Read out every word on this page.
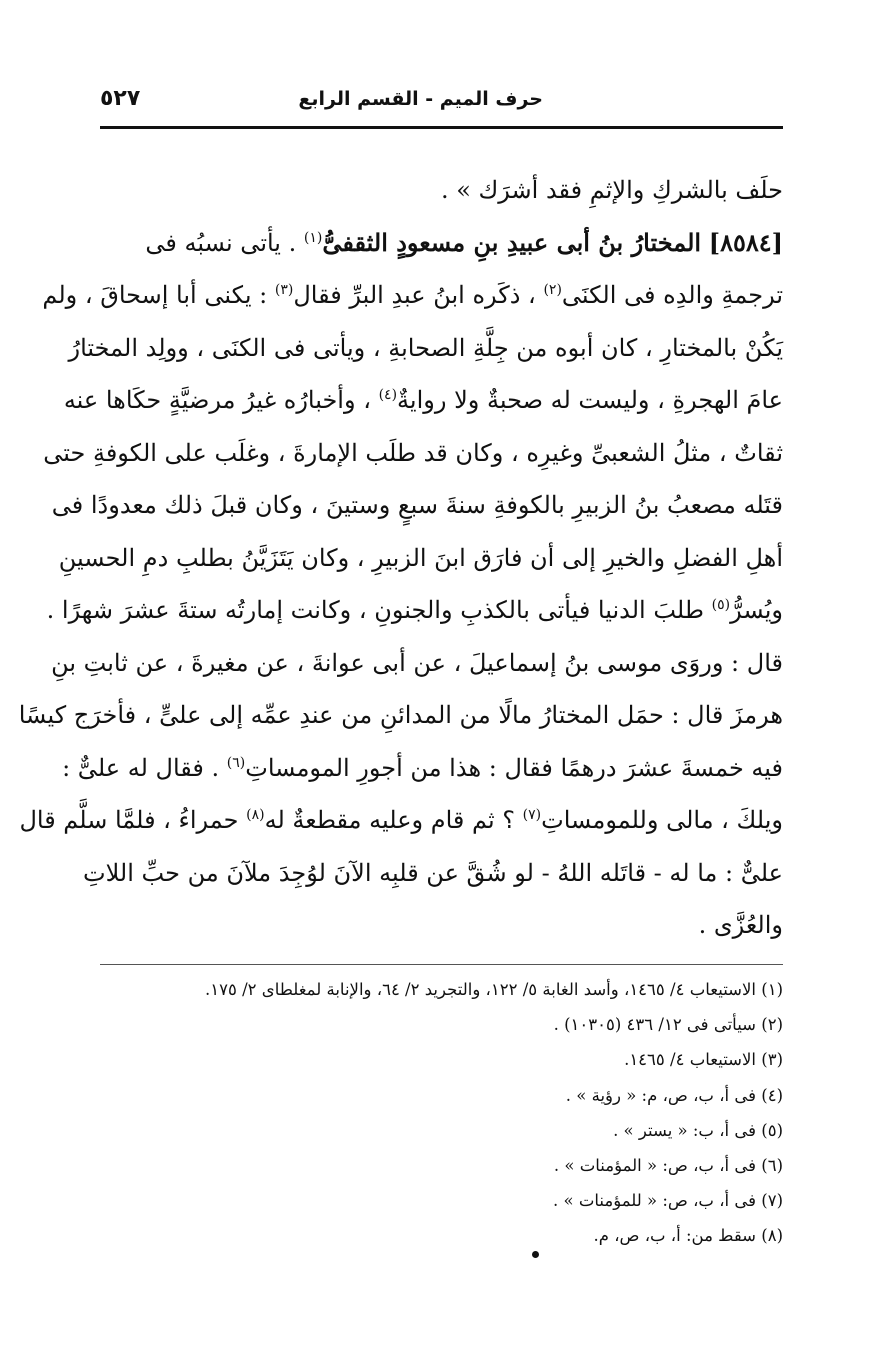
حرف الميم - القسم الرابع
٥٢٧
حلَف بالشركِ والإثمِ فقد أشرَك » .
[٨٥٨٤] المختارُ بنُ أبى عبيدِ بنِ مسعودٍ الثقفىُّ$^{(١)}$ . يأتى نسبُه فى
ترجمةِ والدِه فى الكنَى$^{(٢)}$ ، ذكَره ابنُ عبدِ البرِّ فقال$^{(٣)}$ : يكنى أبا إسحاقَ ، ولم
يَكُنْ بالمختارِ ، كان أبوه من جِلَّةِ الصحابةِ ، ويأتى فى الكنَى ، وولِد المختارُ
عامَ الهجرةِ ، وليست له صحبةٌ ولا روايةٌ$^{(٤)}$ ، وأخبارُه غيرُ مرضيَّةٍ حكَاها عنه
ثقاتٌ ، مثلُ الشعبىِّ وغيرِه ، وكان قد طلَب الإمارةَ ، وغلَب على الكوفةِ حتى
قتَله مصعبُ بنُ الزبيرِ بالكوفةِ سنةَ سبعٍ وستينَ ، وكان قبلَ ذلك معدودًا فى
أهلِ الفضلِ والخيرِ إلى أن فارَق ابنَ الزبيرِ ، وكان يَتَزَيَّنُ بطلبِ دمِ الحسينِ
ويُسرُّ$^{(٥)}$ طلبَ الدنيا فيأتى بالكذبِ والجنونِ ، وكانت إمارتُه ستةَ عشرَ شهرًا .
قال : وروَى موسى بنُ إسماعيلَ ، عن أبى عوانةَ ، عن مغيرةَ ، عن ثابتِ بنِ
هرمزَ قال : حمَل المختارُ مالًا من المدائنِ من عندِ عمِّه إلى علىٍّ ، فأخرَج كيسًا
فيه خمسةَ عشرَ درهمًا فقال : هذا من أجورِ المومساتِ$^{(٦)}$ . فقال له علىٌّ :
ويلكَ ، مالى وللمومساتِ$^{(٧)}$ ؟ ثم قام وعليه مقطعةٌ له$^{(٨)}$ حمراءُ ، فلمَّا سلَّم قال
علىٌّ : ما له - قاتَله اللهُ - لو شُقَّ عن قلبِه الآنَ لوُجِدَ ملآنَ من حبِّ اللاتِ
والعُزَّى .
(١) الاستيعاب ٤/ ١٤٦٥، وأسد الغابة ٥/ ١٢٢، والتجريد ٢/ ٦٤، والإنابة لمغلطاى ٢/ ١٧٥.
(٢) سيأتى فى ١٢/ ٤٣٦ (١٠٣٠٥) .
(٣) الاستيعاب ٤/ ١٤٦٥.
(٤) فى أ، ب، ص، م: « رؤية » .
(٥) فى أ، ب: « يستر » .
(٦) فى أ، ب، ص: « المؤمنات » .
(٧) فى أ، ب، ص: « للمؤمنات » .
(٨) سقط من: أ، ب، ص، م.
